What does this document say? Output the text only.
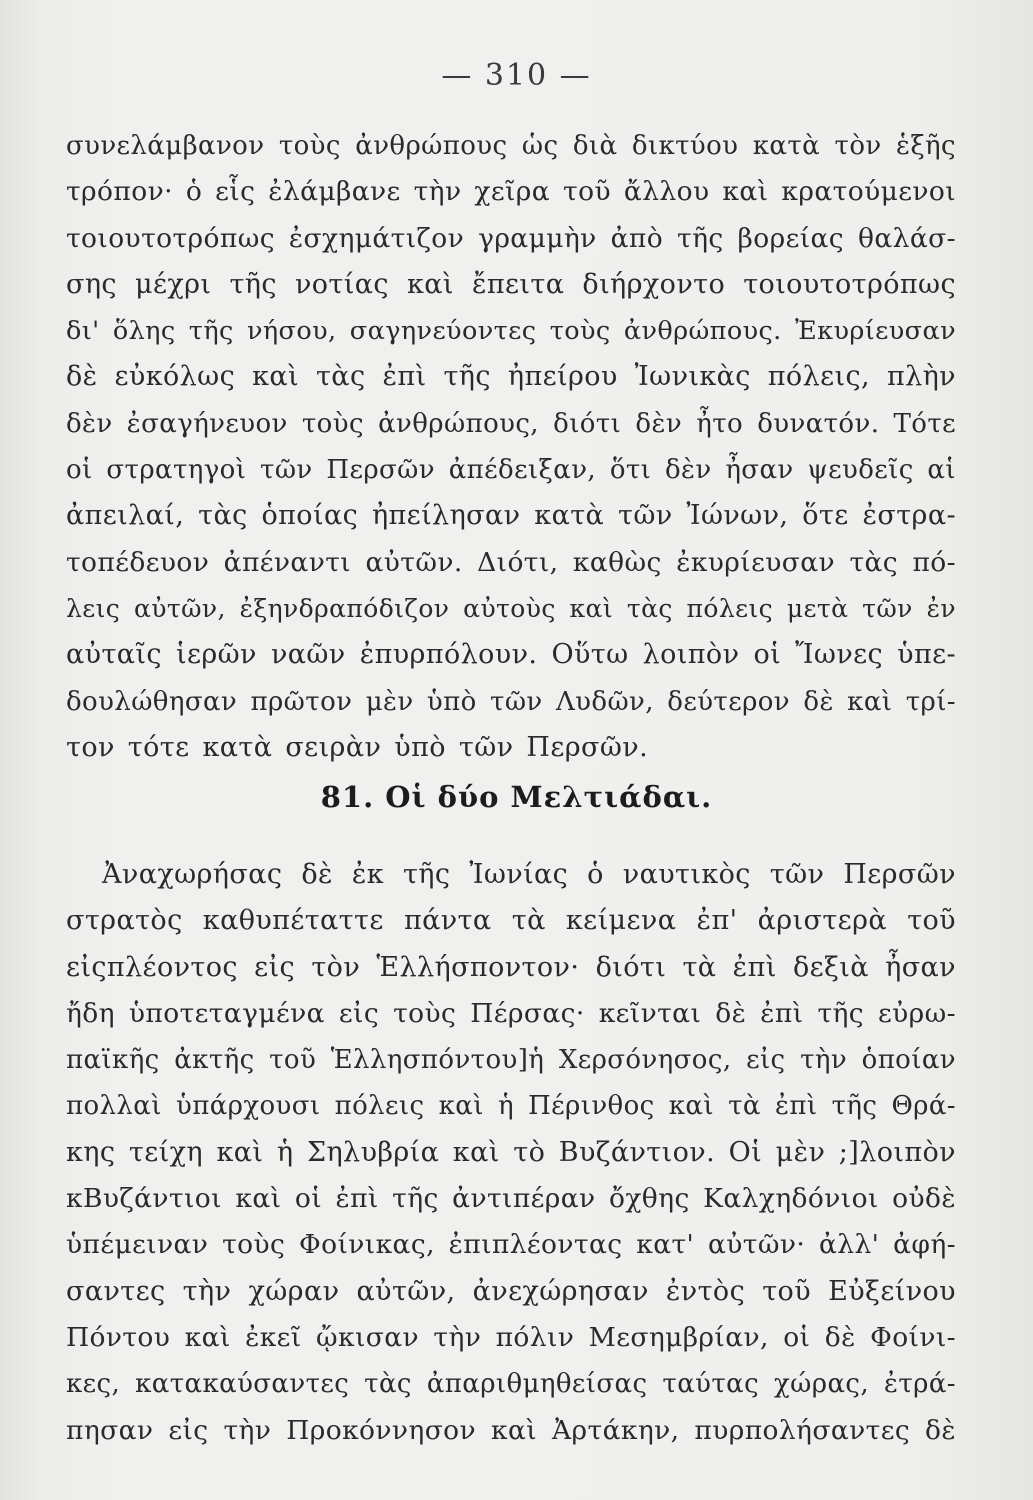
— 310 —
συνελάμβανον τοὺς ἀνθρώπους ὡς διὰ δικτύου κατὰ τὸν ἑξῆς
τρόπον· ὁ εἷς ἐλάμβανε τὴν χεῖρα τοῦ ἄλλου καὶ κρατούμενοι
τοιουτοτρόπως ἐσχημάτιζον γραμμὴν ἀπὸ τῆς βορείας θαλάσ-
σης μέχρι τῆς νοτίας καὶ ἔπειτα διήρχοντο τοιουτοτρόπως
δι' ὅλης τῆς νήσου, σαγηνεύοντες τοὺς ἀνθρώπους. Ἐκυρίευσαν
δὲ εὐκόλως καὶ τὰς ἐπὶ τῆς ἠπείρου Ἰωνικὰς πόλεις, πλὴν
δὲν ἐσαγήνευον τοὺς ἀνθρώπους, διότι δὲν ἦτο δυνατόν. Τότε
οἱ στρατηγοὶ τῶν Περσῶν ἀπέδειξαν, ὅτι δὲν ἦσαν ψευδεῖς αἱ
ἀπειλαί, τὰς ὁποίας ἠπείλησαν κατὰ τῶν Ἰώνων, ὅτε ἐστρα-
τοπέδευον ἀπέναντι αὐτῶν. Διότι, καθὼς ἐκυρίευσαν τὰς πό-
λεις αὐτῶν, ἐξηνδραπόδιζον αὐτοὺς καὶ τὰς πόλεις μετὰ τῶν ἐν
αὐταῖς ἱερῶν ναῶν ἐπυρπόλουν. Οὕτω λοιπὸν οἱ Ἴωνες ὑπε-
δουλώθησαν πρῶτον μὲν ὑπὸ τῶν Λυδῶν, δεύτερον δὲ καὶ τρί-
τον τότε κατὰ σειρὰν ὑπὸ τῶν Περσῶν.
81. Οἱ δύο Μελτιάδαι.
Ἀναχωρήσας δὲ ἐκ τῆς Ἰωνίας ὁ ναυτικὸς τῶν Περσῶν
στρατὸς καθυπέταττε πάντα τὰ κείμενα ἐπ' ἀριστερὰ τοῦ
εἰςπλέοντος εἰς τὸν Ἑλλήσποντον· διότι τὰ ἐπὶ δεξιὰ ἦσαν
ἤδη ὑποτεταγμένα εἰς τοὺς Πέρσας· κεῖνται δὲ ἐπὶ τῆς εὐρω-
παϊκῆς ἀκτῆς τοῦ Ἑλλησπόντου]ἡ Χερσόνησος, εἰς τὴν ὁποίαν
πολλαὶ ὑπάρχουσι πόλεις καὶ ἡ Πέρινθος καὶ τὰ ἐπὶ τῆς Θρά-
κης τείχη καὶ ἡ Σηλυβρία καὶ τὸ Βυζάντιον. Οἱ μὲν ;]λοιπὸν
κΒυζάντιοι καὶ οἱ ἐπὶ τῆς ἀντιπέραν ὄχθης Καλχηδόνιοι οὐδὲ
ὑπέμειναν τοὺς Φοίνικας, ἐπιπλέοντας κατ' αὐτῶν· ἀλλ' ἀφή-
σαντες τὴν χώραν αὐτῶν, ἀνεχώρησαν ἐντὸς τοῦ Εὐξείνου
Πόντου καὶ ἐκεῖ ᾤκισαν τὴν πόλιν Μεσημβρίαν, οἱ δὲ Φοίνι-
κες, κατακαύσαντες τὰς ἀπαριθμηθείσας ταύτας χώρας, ἐτρά-
πησαν εἰς τὴν Προκόννησον καὶ Ἀρτάκην, πυρπολήσαντες δὲ
